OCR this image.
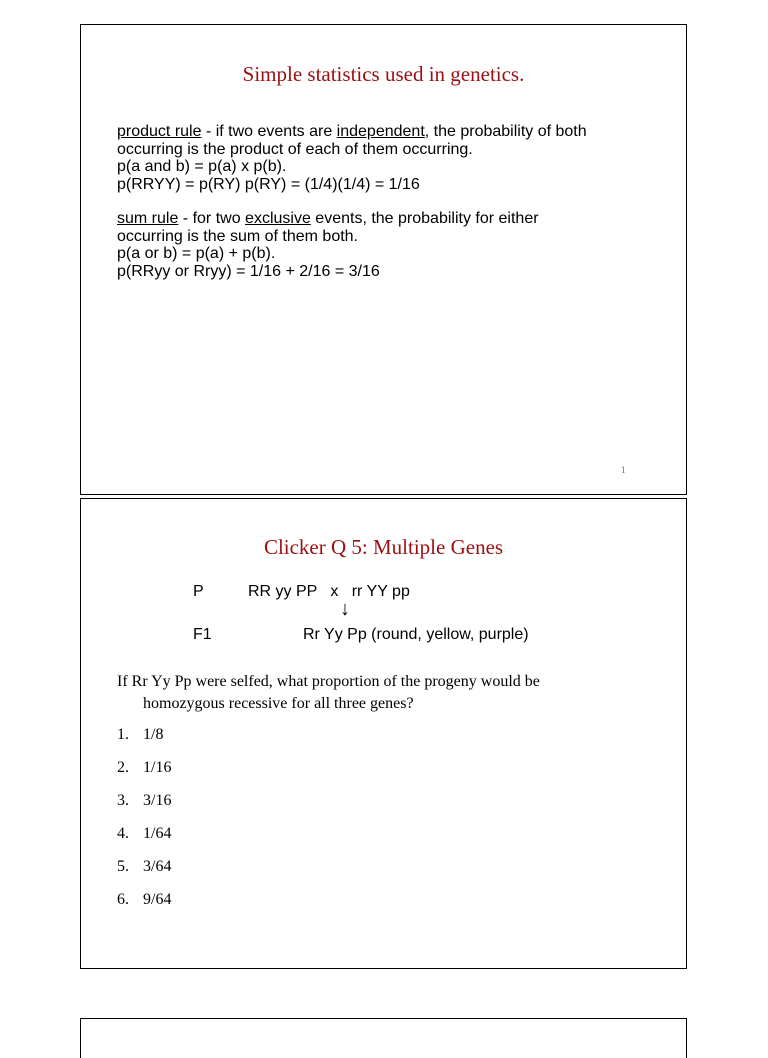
Simple statistics used in genetics.
product rule - if two events are independent, the probability of both
occurring is the product of each of them occurring.
p(a and b) = p(a) x p(b).
p(RRYY) = p(RY) p(RY) = (1/4)(1/4) = 1/16
sum rule - for two exclusive events, the probability for either
occurring is the sum of them both.
p(a or b) = p(a) + p(b).
p(RRyy or Rryy) = 1/16 + 2/16 = 3/16
1
Clicker Q 5: Multiple Genes
P	RR yy PP   x   rr YY pp
↓
F1	Rr Yy Pp (round, yellow, purple)
If Rr Yy Pp were selfed, what proportion of the progeny would be
homozygous recessive for all three genes?
1. 1/8
2. 1/16
3. 3/16
4. 1/64
5. 3/64
6. 9/64
